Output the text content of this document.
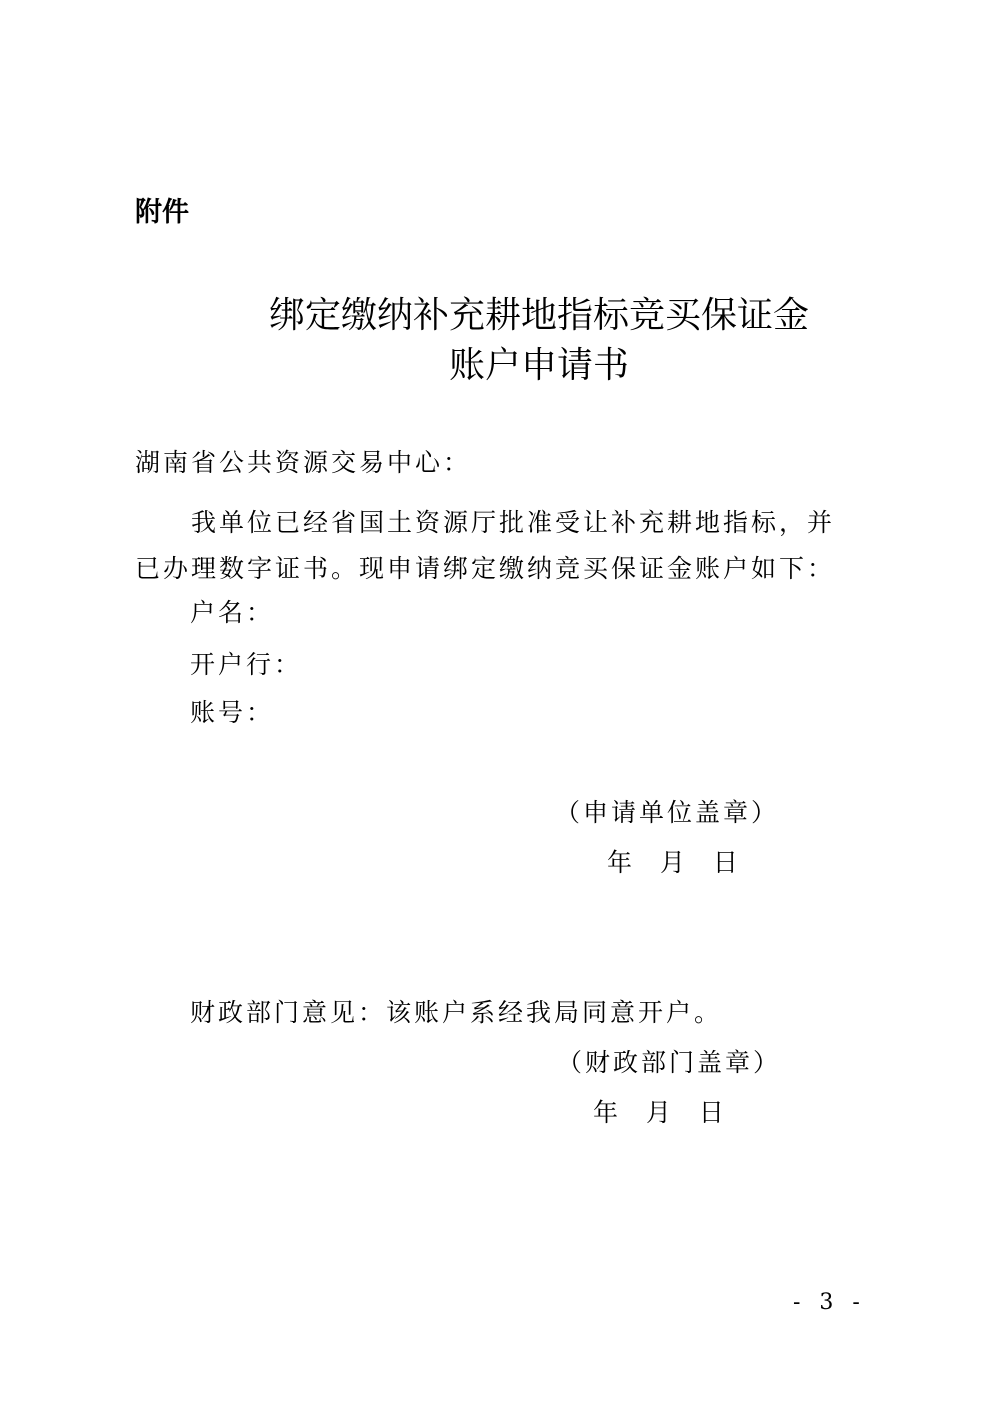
附件
绑定缴纳补充耕地指标竞买保证金
账户申请书
湖南省公共资源交易中心：
我单位已经省国土资源厅批准受让补充耕地指标，并已办理数字证书。现申请绑定缴纳竞买保证金账户如下：
户名：
开户行：
账号：
（申请单位盖章）
年 月 日
财政部门意见：该账户系经我局同意开户。
（财政部门盖章）
年 月 日
- 3 -
